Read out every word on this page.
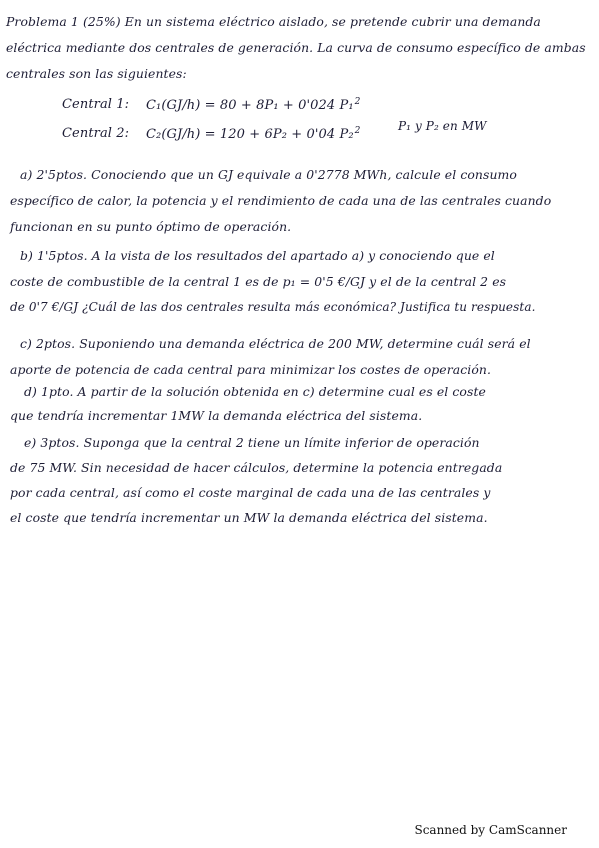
Problema 1 (25%) En un sistema eléctrico aislado, se pretende cubrir una demanda
eléctrica mediante dos centrales de generación. La curva de consumo específico de ambas
centrales son las siguientes:
Central 1: C₁(GJ/h) = 80 + 8P₁ + 0'024 P₁$^2$
Central 2: C₂(GJ/h) = 120 + 6P₂ + 0'04 P₂$^2$	P₁ y P₂ en MW
a) 2'5ptos. Conociendo que un GJ equivale a 0'2778 MWh, calcule el consumo
específico de calor, la potencia y el rendimiento de cada una de las centrales cuando
funcionan en su punto óptimo de operación.
b) 1'5ptos. A la vista de los resultados del apartado a) y conociendo que el
coste de combustible de la central 1 es de p₁ = 0'5 €/GJ y el de la central 2 es
de 0'7 €/GJ ¿Cuál de las dos centrales resulta más económica? Justifica tu respuesta.
c) 2ptos. Suponiendo una demanda eléctrica de 200 MW, determine cuál será el
aporte de potencia de cada central para minimizar los costes de operación.
d) 1pto. A partir de la solución obtenida en c) determine cual es el coste
que tendría incrementar 1MW la demanda eléctrica del sistema.
e) 3ptos. Suponga que la central 2 tiene un límite inferior de operación
de 75 MW. Sin necesidad de hacer cálculos, determine la potencia entregada
por cada central, así como el coste marginal de cada una de las centrales y
el coste que tendría incrementar un MW la demanda eléctrica del sistema.
Scanned by CamScanner
